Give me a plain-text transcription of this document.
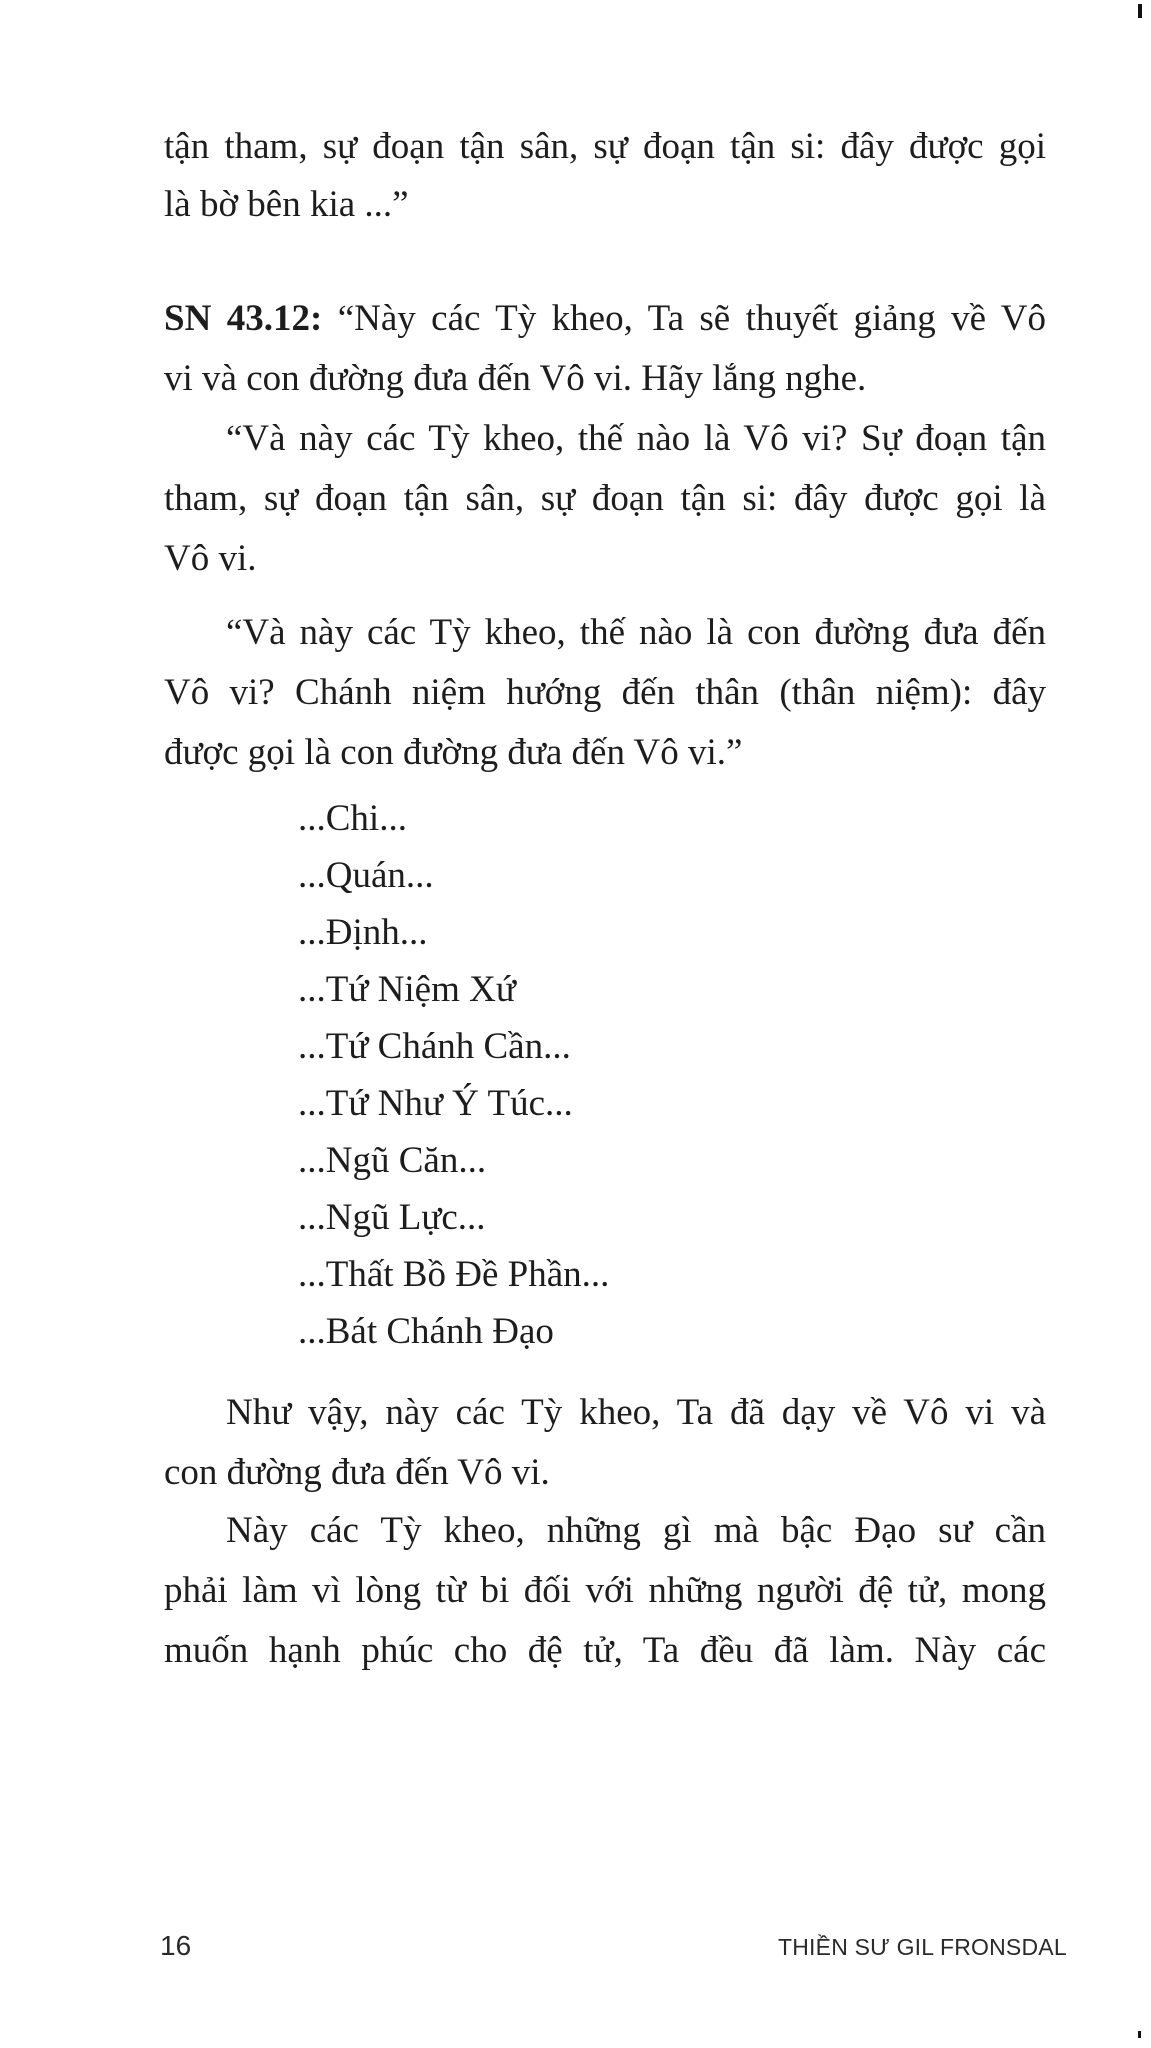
tận tham, sự đoạn tận sân, sự đoạn tận si: đây được gọi
là bờ bên kia ...”
SN 43.12: “Này các Tỳ kheo, Ta sẽ thuyết giảng về Vô
vi và con đường đưa đến Vô vi. Hãy lắng nghe.
“Và này các Tỳ kheo, thế nào là Vô vi? Sự đoạn tận
tham, sự đoạn tận sân, sự đoạn tận si: đây được gọi là
Vô vi.
“Và này các Tỳ kheo, thế nào là con đường đưa đến
Vô vi? Chánh niệm hướng đến thân (thân niệm): đây
được gọi là con đường đưa đến Vô vi.”
...Chi...
...Quán...
...Định...
...Tứ Niệm Xứ
...Tứ Chánh Cần...
...Tứ Như Ý Túc...
...Ngũ Căn...
...Ngũ Lực...
...Thất Bồ Đề Phần...
...Bát Chánh Đạo
Như vậy, này các Tỳ kheo, Ta đã dạy về Vô vi và
con đường đưa đến Vô vi.
Này các Tỳ kheo, những gì mà bậc Đạo sư cần
phải làm vì lòng từ bi đối với những người đệ tử, mong
muốn hạnh phúc cho đệ tử, Ta đều đã làm. Này các
16	THIỀN SƯ GIL FRONSDAL
